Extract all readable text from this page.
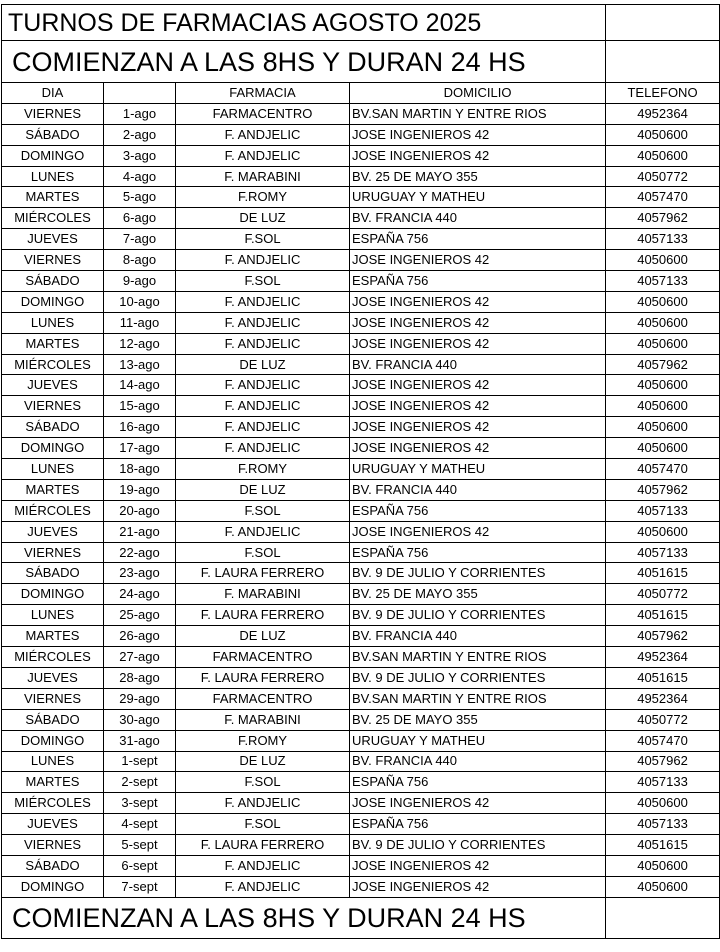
TURNOS DE FARMACIAS AGOSTO 2025				
COMIENZAN A LAS 8HS Y DURAN 24 HS				
DIA		FARMACIA	DOMICILIO	TELEFONO
VIERNES	1-ago	FARMACENTRO	BV.SAN MARTIN Y ENTRE RIOS	4952364
SÁBADO	2-ago	F. ANDJELIC	JOSE INGENIEROS 42	4050600
DOMINGO	3-ago	F. ANDJELIC	JOSE INGENIEROS 42	4050600
LUNES	4-ago	F. MARABINI	BV. 25 DE MAYO 355	4050772
MARTES	5-ago	F.ROMY	URUGUAY Y MATHEU	4057470
MIÉRCOLES	6-ago	DE LUZ	BV. FRANCIA 440	4057962
JUEVES	7-ago	F.SOL	ESPAÑA 756	4057133
VIERNES	8-ago	F. ANDJELIC	JOSE INGENIEROS 42	4050600
SÁBADO	9-ago	F.SOL	ESPAÑA 756	4057133
DOMINGO	10-ago	F. ANDJELIC	JOSE INGENIEROS 42	4050600
LUNES	11-ago	F. ANDJELIC	JOSE INGENIEROS 42	4050600
MARTES	12-ago	F. ANDJELIC	JOSE INGENIEROS 42	4050600
MIÉRCOLES	13-ago	DE LUZ	BV. FRANCIA 440	4057962
JUEVES	14-ago	F. ANDJELIC	JOSE INGENIEROS 42	4050600
VIERNES	15-ago	F. ANDJELIC	JOSE INGENIEROS 42	4050600
SÁBADO	16-ago	F. ANDJELIC	JOSE INGENIEROS 42	4050600
DOMINGO	17-ago	F. ANDJELIC	JOSE INGENIEROS 42	4050600
LUNES	18-ago	F.ROMY	URUGUAY Y MATHEU	4057470
MARTES	19-ago	DE LUZ	BV. FRANCIA 440	4057962
MIÉRCOLES	20-ago	F.SOL	ESPAÑA 756	4057133
JUEVES	21-ago	F. ANDJELIC	JOSE INGENIEROS 42	4050600
VIERNES	22-ago	F.SOL	ESPAÑA 756	4057133
SÁBADO	23-ago	F. LAURA FERRERO	BV. 9 DE JULIO Y CORRIENTES	4051615
DOMINGO	24-ago	F. MARABINI	BV. 25 DE MAYO 355	4050772
LUNES	25-ago	F. LAURA FERRERO	BV. 9 DE JULIO Y CORRIENTES	4051615
MARTES	26-ago	DE LUZ	BV. FRANCIA 440	4057962
MIÉRCOLES	27-ago	FARMACENTRO	BV.SAN MARTIN Y ENTRE RIOS	4952364
JUEVES	28-ago	F. LAURA FERRERO	BV. 9 DE JULIO Y CORRIENTES	4051615
VIERNES	29-ago	FARMACENTRO	BV.SAN MARTIN Y ENTRE RIOS	4952364
SÁBADO	30-ago	F. MARABINI	BV. 25 DE MAYO 355	4050772
DOMINGO	31-ago	F.ROMY	URUGUAY Y MATHEU	4057470
LUNES	1-sept	DE LUZ	BV. FRANCIA 440	4057962
MARTES	2-sept	F.SOL	ESPAÑA 756	4057133
MIÉRCOLES	3-sept	F. ANDJELIC	JOSE INGENIEROS 42	4050600
JUEVES	4-sept	F.SOL	ESPAÑA 756	4057133
VIERNES	5-sept	F. LAURA FERRERO	BV. 9 DE JULIO Y CORRIENTES	4051615
SÁBADO	6-sept	F. ANDJELIC	JOSE INGENIEROS 42	4050600
DOMINGO	7-sept	F. ANDJELIC	JOSE INGENIEROS 42	4050600
COMIENZAN A LAS 8HS Y DURAN 24 HS				
